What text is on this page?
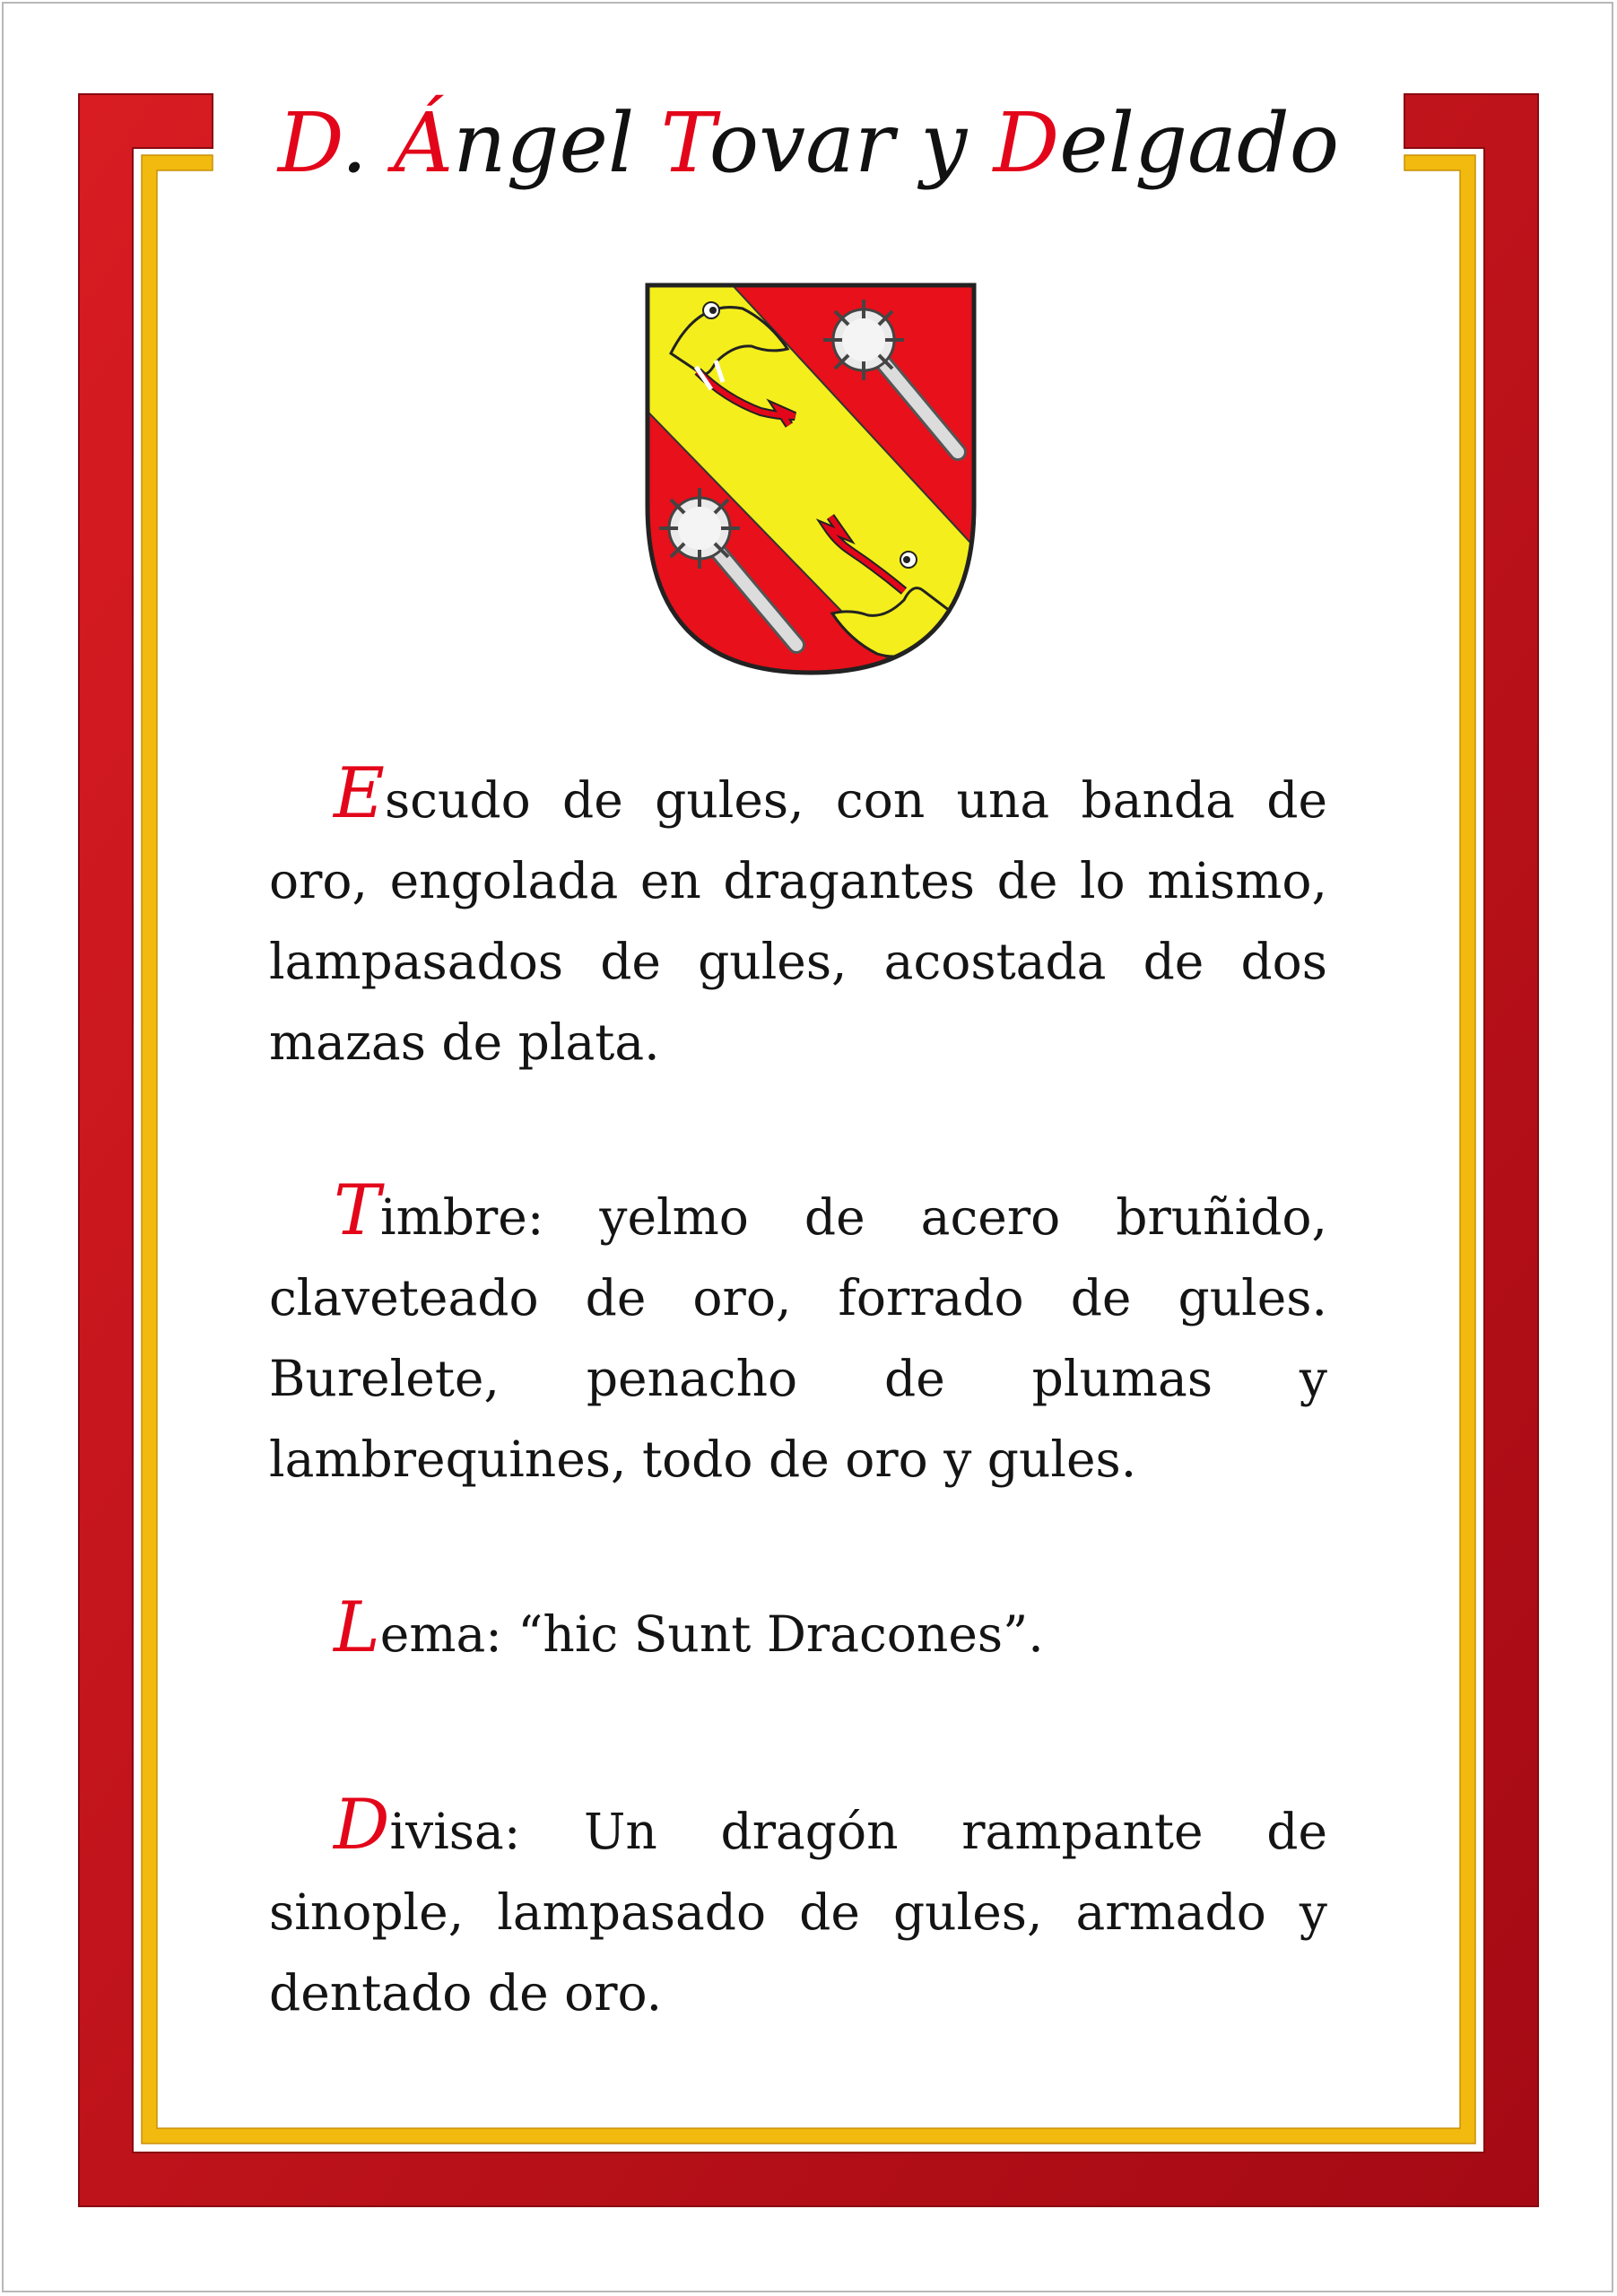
D. Ángel Tovar y Delgado

Escudo de gules, con una banda de oro, engolada en dragantes de lo mismo, lampasados de gules, acostada de dos mazas de plata.

Timbre: yelmo de acero bruñido, claveteado de oro, forrado de gules. Burelete, penacho de plumas y lambrequines, todo de oro y gules.

Lema: “hic Sunt Dracones”.

Divisa: Un dragón rampante de sinople, lampasado de gules, armado y dentado de oro.
